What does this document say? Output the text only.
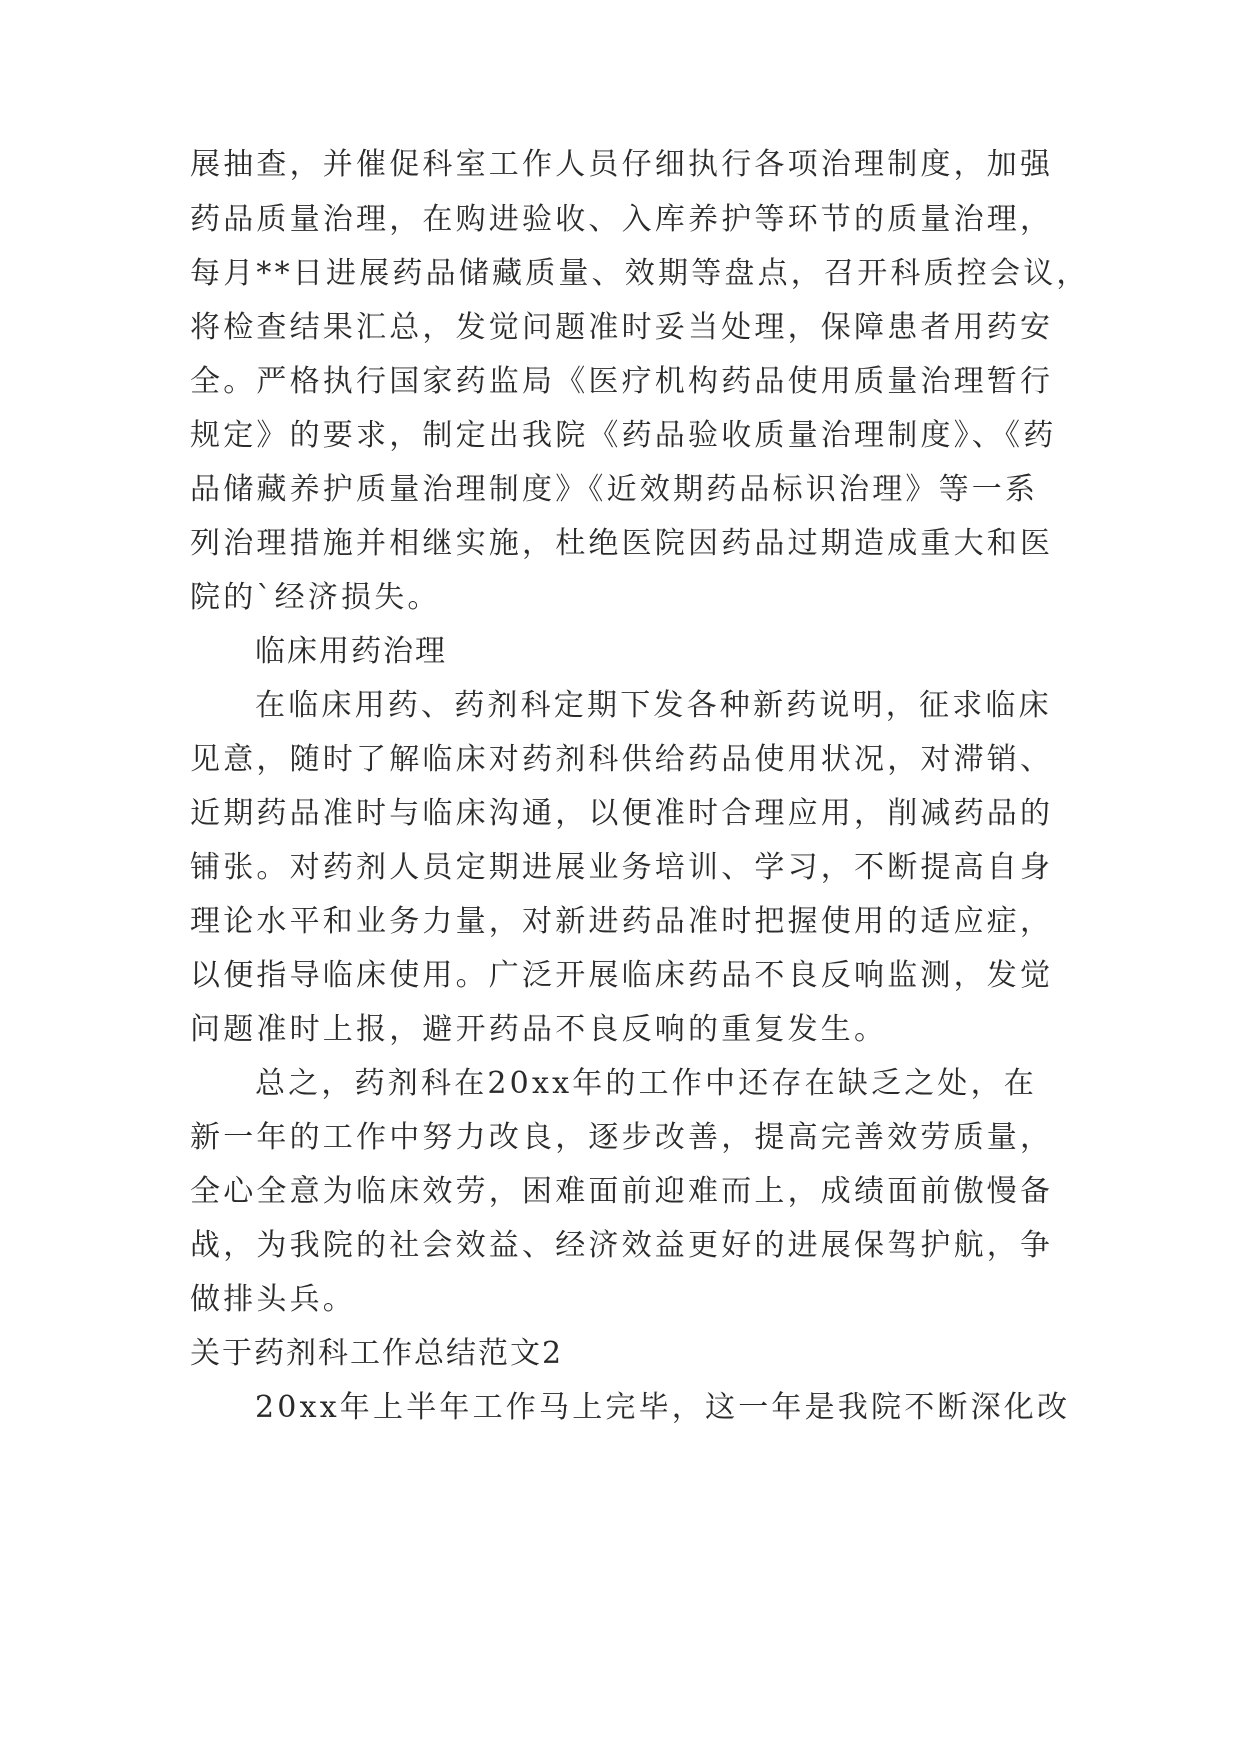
展抽查，并催促科室工作人员仔细执行各项治理制度，加强
药品质量治理，在购进验收、入库养护等环节的质量治理，
每月**日进展药品储藏质量、效期等盘点，召开科质控会议，
将检查结果汇总，发觉问题准时妥当处理，保障患者用药安
全。严格执行国家药监局《医疗机构药品使用质量治理暂行
规定》的要求，制定出我院《药品验收质量治理制度》、《药
品储藏养护质量治理制度》《近效期药品标识治理》等一系
列治理措施并相继实施，杜绝医院因药品过期造成重大和医
院的`经济损失。
临床用药治理
在临床用药、药剂科定期下发各种新药说明，征求临床
见意，随时了解临床对药剂科供给药品使用状况，对滞销、
近期药品准时与临床沟通，以便准时合理应用，削减药品的
铺张。对药剂人员定期进展业务培训、学习，不断提高自身
理论水平和业务力量，对新进药品准时把握使用的适应症，
以便指导临床使用。广泛开展临床药品不良反响监测，发觉
问题准时上报，避开药品不良反响的重复发生。
总之，药剂科在20xx年的工作中还存在缺乏之处，在
新一年的工作中努力改良，逐步改善，提高完善效劳质量，
全心全意为临床效劳，困难面前迎难而上，成绩面前傲慢备
战，为我院的社会效益、经济效益更好的进展保驾护航，争
做排头兵。
关于药剂科工作总结范文2
20xx年上半年工作马上完毕，这一年是我院不断深化改
